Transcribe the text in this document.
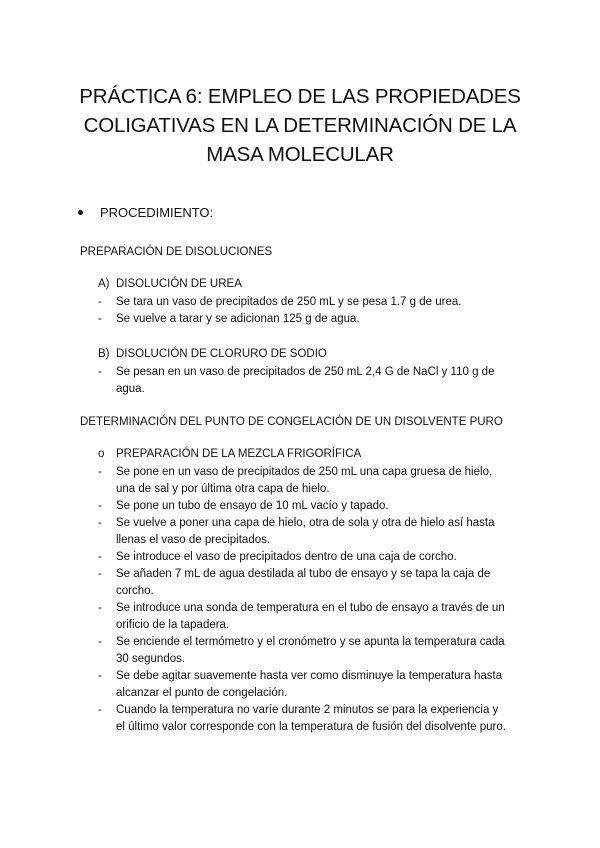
PRÁCTICA 6: EMPLEO DE LAS PROPIEDADES
COLIGATIVAS EN LA DETERMINACIÓN DE LA
MASA MOLECULAR
PROCEDIMIENTO:
PREPARACIÓN DE DISOLUCIONES
A) DISOLUCIÓN DE UREA
- Se tara un vaso de precipitados de 250 mL y se pesa 1.7 g de urea.
- Se vuelve a tarar y se adicionan 125 g de agua.
B) DISOLUCIÓN DE CLORURO DE SODIO
- Se pesan en un vaso de precipitados de 250 mL 2,4 G de NaCl y 110 g de agua.
DETERMINACIÓN DEL PUNTO DE CONGELACIÓN DE UN DISOLVENTE PURO
o PREPARACIÓN DE LA MEZCLA FRIGORÍFICA
- Se pone en un vaso de precipitados de 250 mL una capa gruesa de hielo, una de sal y por última otra capa de hielo.
- Se pone un tubo de ensayo de 10 mL vacío y tapado.
- Se vuelve a poner una capa de hielo, otra de sola y otra de hielo así hasta llenas el vaso de precipitados.
- Se introduce el vaso de precipitados dentro de una caja de corcho.
- Se añaden 7 mL de agua destilada al tubo de ensayo y se tapa la caja de corcho.
- Se introduce una sonda de temperatura en el tubo de ensayo a través de un orificio de la tapadera.
- Se enciende el termómetro y el cronómetro y se apunta la temperatura cada 30 segundos.
- Se debe agitar suavemente hasta ver como disminuye la temperatura hasta alcanzar el punto de congelación.
- Cuando la temperatura no varíe durante 2 minutos se para la experiencia y el último valor corresponde con la temperatura de fusión del disolvente puro.
